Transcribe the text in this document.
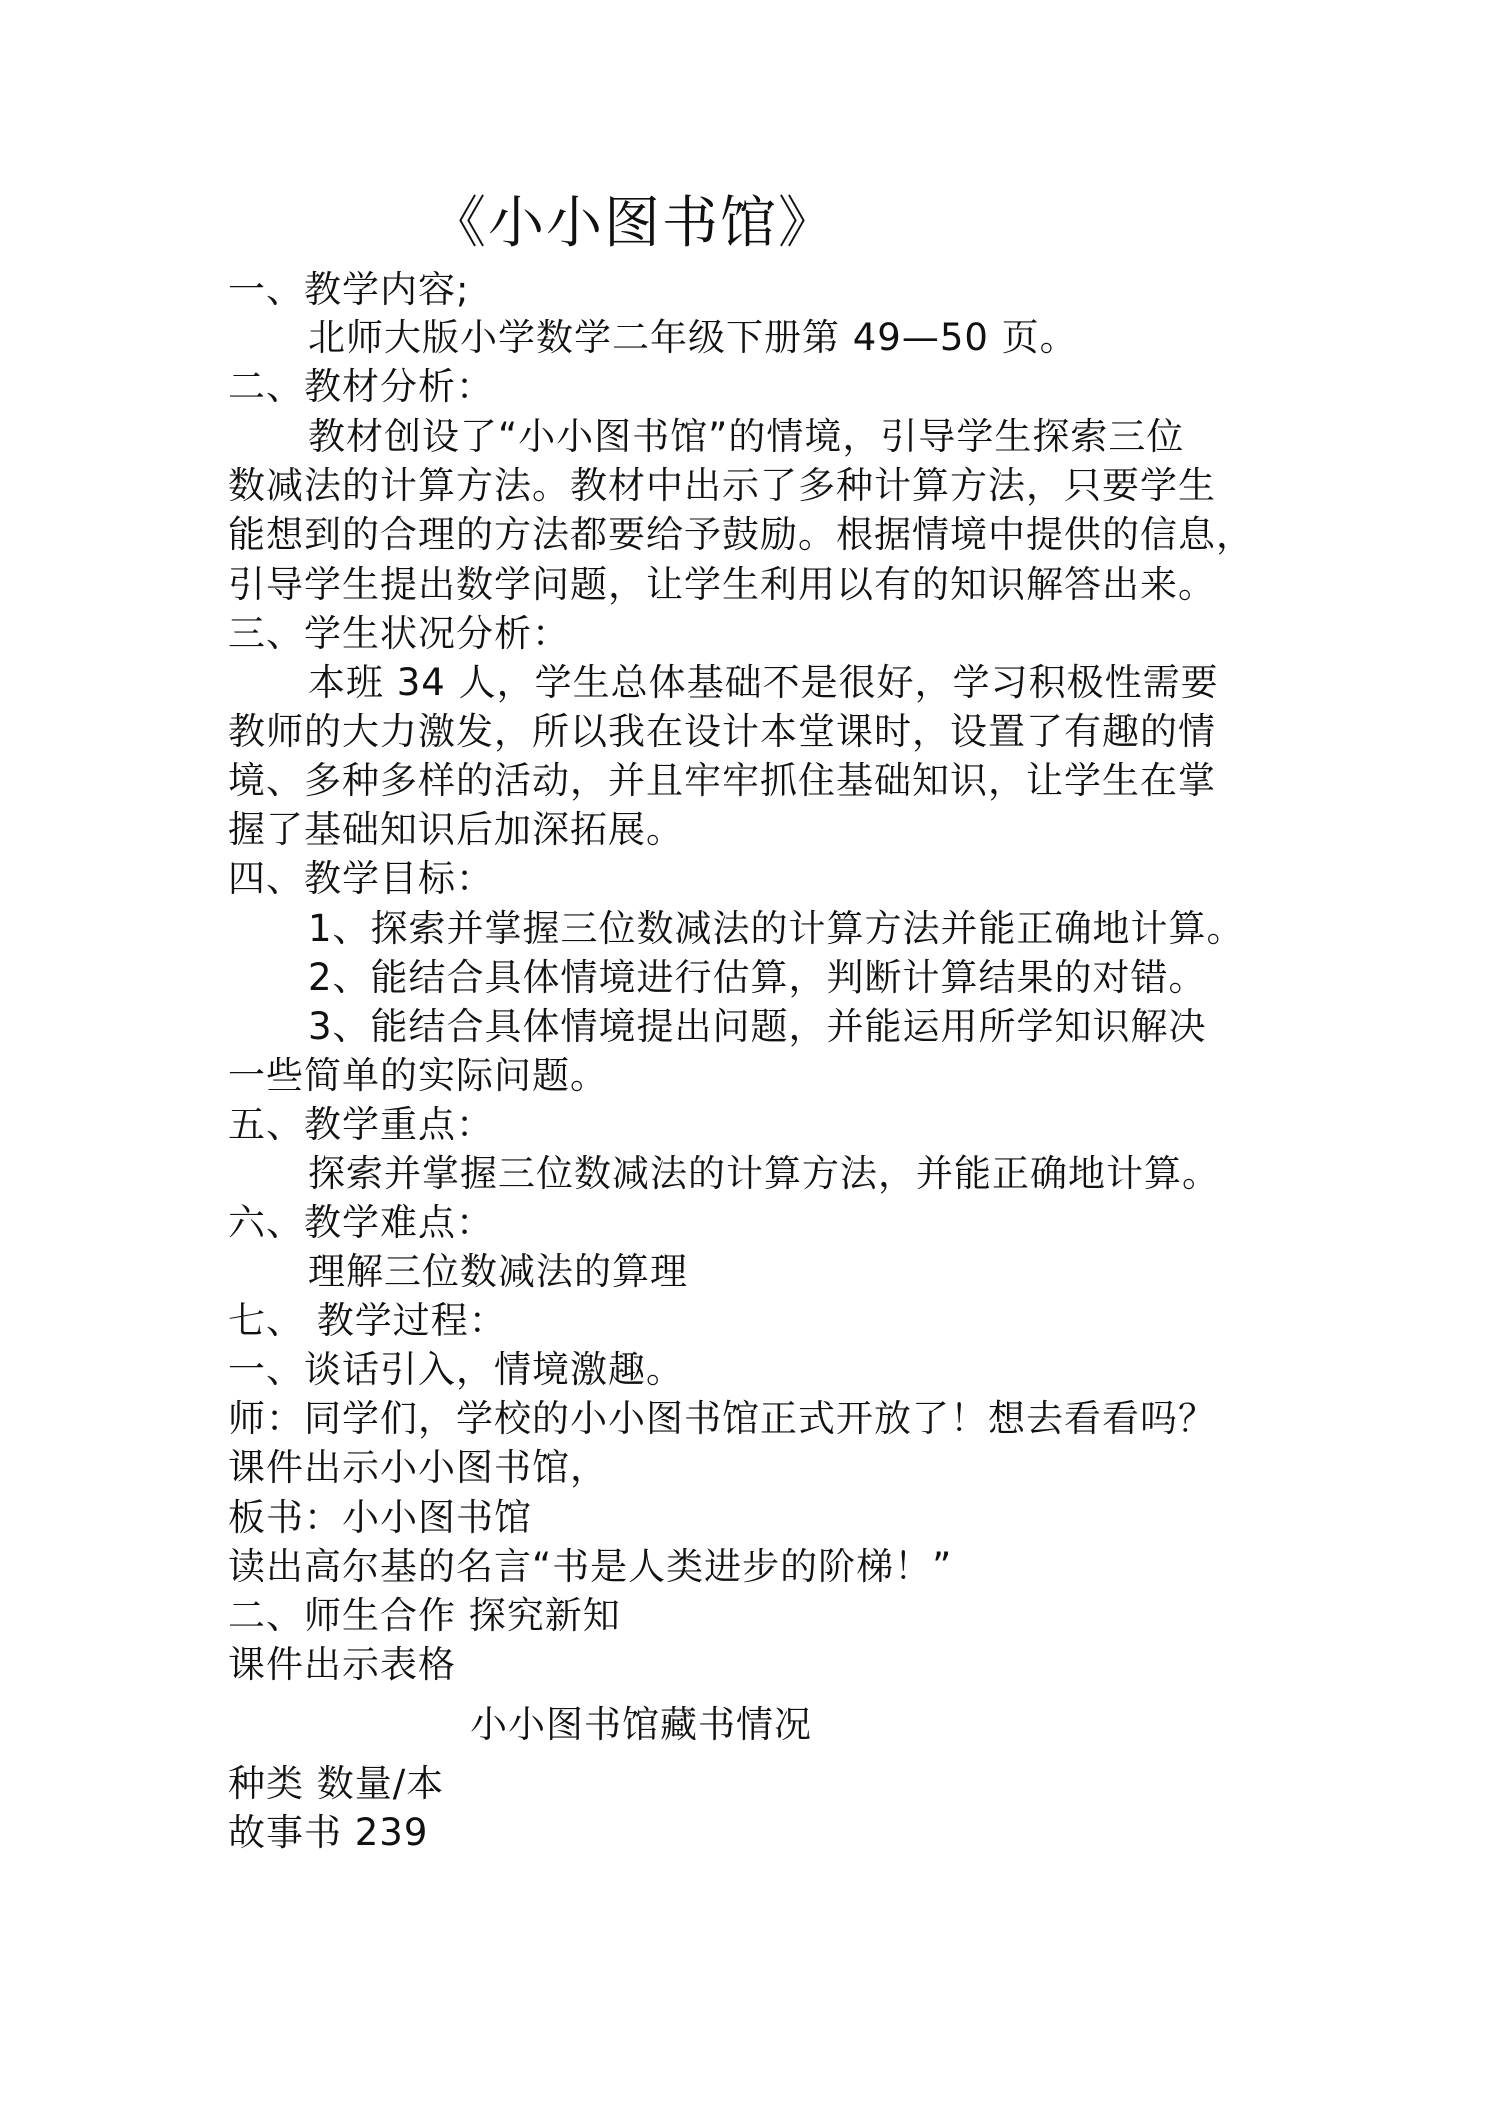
《小小图书馆》
一、教学内容;
北师大版小学数学二年级下册第 49—50 页。
二、教材分析：
教材创设了“小小图书馆”的情境，引导学生探索三位
数减法的计算方法。教材中出示了多种计算方法，只要学生
能想到的合理的方法都要给予鼓励。根据情境中提供的信息，
引导学生提出数学问题，让学生利用以有的知识解答出来。
三、学生状况分析：
本班 34 人，学生总体基础不是很好，学习积极性需要
教师的大力激发，所以我在设计本堂课时，设置了有趣的情
境、多种多样的活动，并且牢牢抓住基础知识，让学生在掌
握了基础知识后加深拓展。
四、教学目标：
1、探索并掌握三位数减法的计算方法并能正确地计算。
2、能结合具体情境进行估算，判断计算结果的对错。
3、能结合具体情境提出问题，并能运用所学知识解决
一些简单的实际问题。
五、教学重点：
探索并掌握三位数减法的计算方法，并能正确地计算。
六、教学难点：
理解三位数减法的算理
七、 教学过程：
一、谈话引入，情境激趣。
师：同学们，学校的小小图书馆正式开放了！想去看看吗？
课件出示小小图书馆，
板书：小小图书馆
读出高尔基的名言“书是人类进步的阶梯！”
二、师生合作 探究新知
课件出示表格
小小图书馆藏书情况
种类 数量/本
故事书 239
